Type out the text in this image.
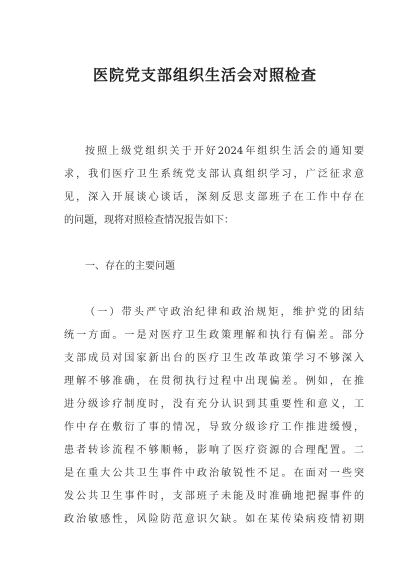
医院党支部组织生活会对照检查
按照上级党组织关于开好2024年组织生活会的通知要
求，我们医疗卫生系统党支部认真组织学习，广泛征求意
见，深入开展谈心谈话，深刻反思支部班子在工作中存在
的问题，现将对照检查情况报告如下：
一、存在的主要问题
（一）带头严守政治纪律和政治规矩，维护党的团结
统一方面。一是对医疗卫生政策理解和执行有偏差。部分
支部成员对国家新出台的医疗卫生改革政策学习不够深入
理解不够准确，在贯彻执行过程中出现偏差。例如，在推
进分级诊疗制度时，没有充分认识到其重要性和意义，工
作中存在敷衍了事的情况，导致分级诊疗工作推进缓慢，
患者转诊流程不够顺畅，影响了医疗资源的合理配置。二
是在重大公共卫生事件中政治敏锐性不足。在面对一些突
发公共卫生事件时，支部班子未能及时准确地把握事件的
政治敏感性，风险防范意识欠缺。如在某传染病疫情初期
